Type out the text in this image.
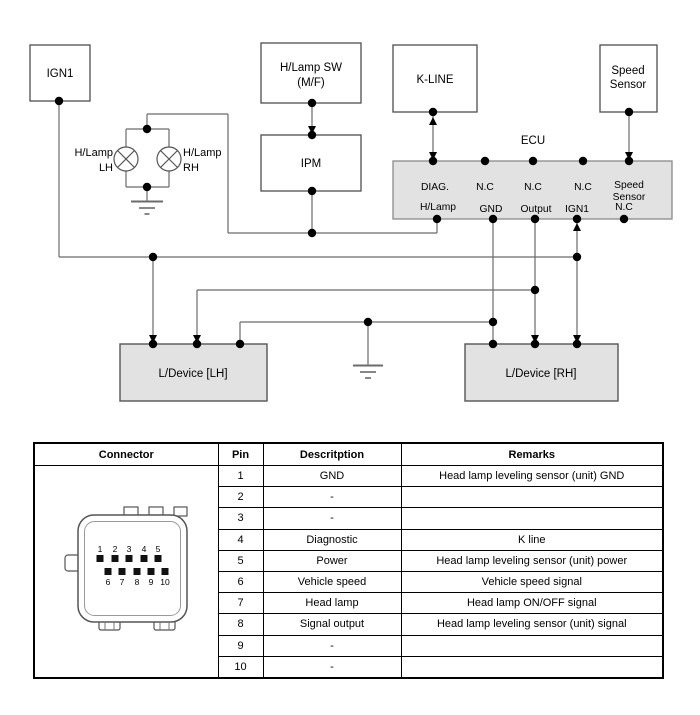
IGN1	H/Lamp SW
(M/F)
IPM
K-LINE
Speed
Sensor
ECU
L/Device [LH]	L/Device [RH]
H/Lamp
LH
H/Lamp
RH
DIAG.	N.C	N.C	N.C Speed
Sensor
H/Lamp GND Output IGN1	N.C
Connector	Pin	Descritption	Remarks

1 2 3 4 5
6 7 8 9 10
	1	GND	Head lamp leveling sensor (unit) GND
	2	-	
	3	-	
	4	Diagnostic	K line
	5	Power	Head lamp leveling sensor (unit) power
	6	Vehicle speed	Vehicle speed signal
	7	Head lamp	Head lamp ON/OFF signal
	8	Signal output	Head lamp leveling sensor (unit) signal
	9	-	
	10	-	
